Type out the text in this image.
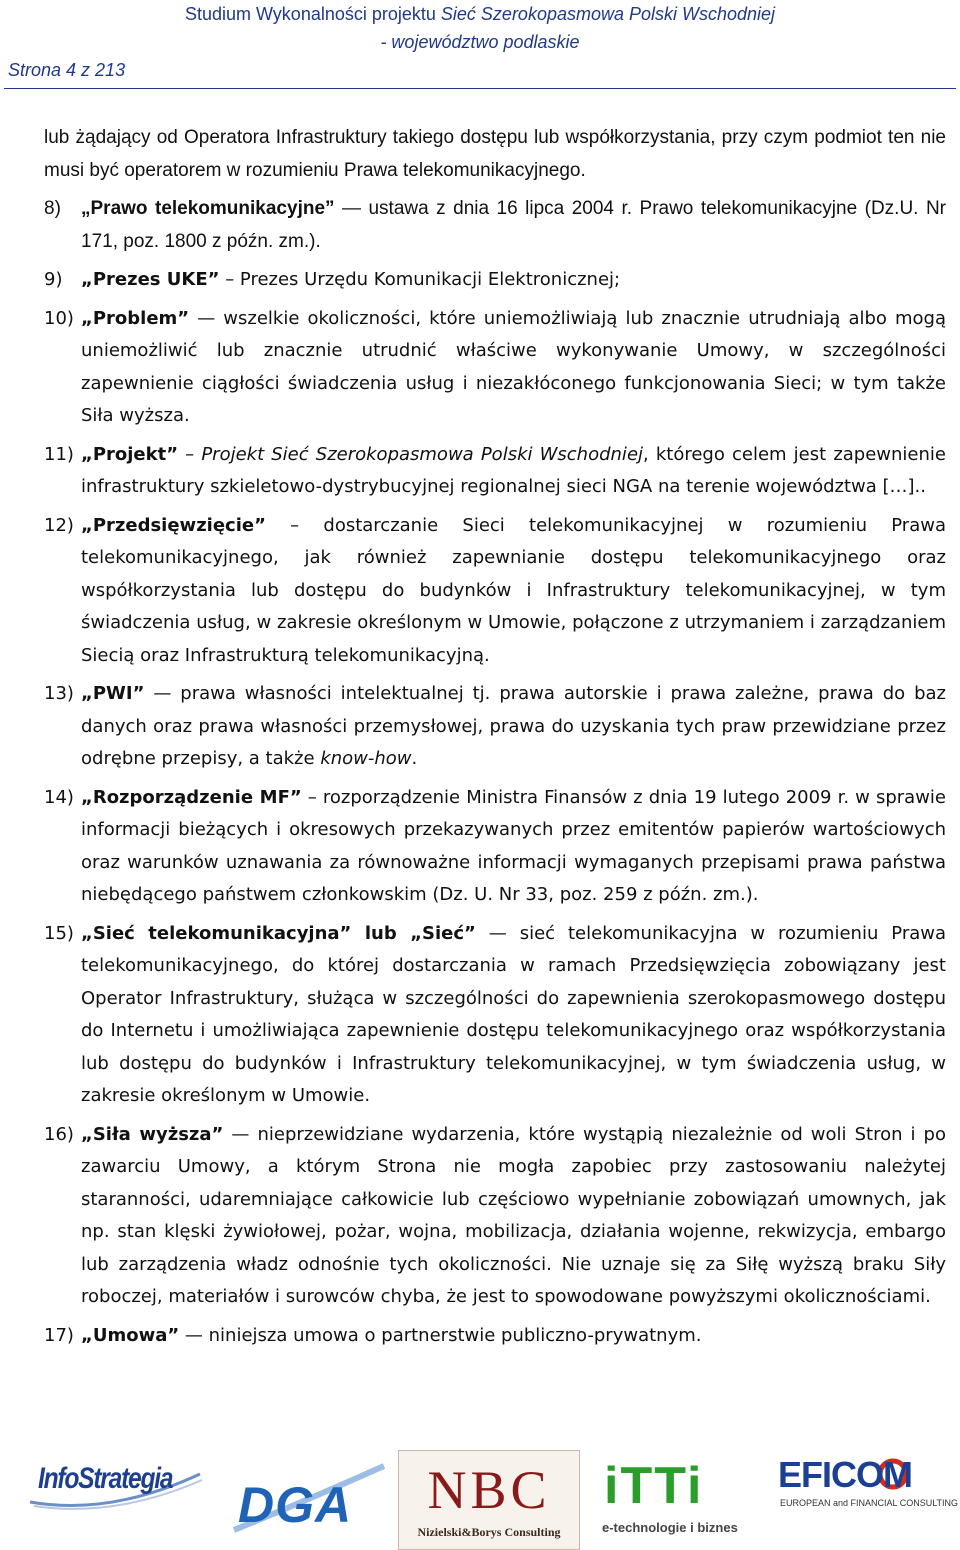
Studium Wykonalności projektu Sieć Szerokopasmowa Polski Wschodniej
- województwo podlaskie
Strona 4 z 213
lub żądający od Operatora Infrastruktury takiego dostępu lub współkorzystania, przy czym podmiot ten nie musi być operatorem w rozumieniu Prawa telekomunikacyjnego.
8) „Prawo telekomunikacyjne” — ustawa z dnia 16 lipca 2004 r. Prawo telekomunikacyjne (Dz.U. Nr 171, poz. 1800 z późn. zm.).
9) „Prezes UKE” – Prezes Urzędu Komunikacji Elektronicznej;
10) „Problem” — wszelkie okoliczności, które uniemożliwiają lub znacznie utrudniają albo mogą uniemożliwić lub znacznie utrudnić właściwe wykonywanie Umowy, w szczególności zapewnienie ciągłości świadczenia usług i niezakłóconego funkcjonowania Sieci; w tym także Siła wyższa.
11) „Projekt” – Projekt Sieć Szerokopasmowa Polski Wschodniej, którego celem jest zapewnienie infrastruktury szkieletowo-dystrybucyjnej regionalnej sieci NGA na terenie województwa […]..
12) „Przedsięwzięcie” – dostarczanie Sieci telekomunikacyjnej w rozumieniu Prawa telekomunikacyjnego, jak również zapewnianie dostępu telekomunikacyjnego oraz współkorzystania lub dostępu do budynków i Infrastruktury telekomunikacyjnej, w tym świadczenia usług, w zakresie określonym w Umowie, połączone z utrzymaniem i zarządzaniem Siecią oraz Infrastrukturą telekomunikacyjną.
13) „PWI” — prawa własności intelektualnej tj. prawa autorskie i prawa zależne, prawa do baz danych oraz prawa własności przemysłowej, prawa do uzyskania tych praw przewidziane przez odrębne przepisy, a także know-how.
14) „Rozporządzenie MF” – rozporządzenie Ministra Finansów z dnia 19 lutego 2009 r. w sprawie informacji bieżących i okresowych przekazywanych przez emitentów papierów wartościowych oraz warunków uznawania za równoważne informacji wymaganych przepisami prawa państwa niebędącego państwem członkowskim (Dz. U. Nr 33, poz. 259 z późn. zm.).
15) „Sieć telekomunikacyjna” lub „Sieć” — sieć telekomunikacyjna w rozumieniu Prawa telekomunikacyjnego, do której dostarczania w ramach Przedsięwzięcia zobowiązany jest Operator Infrastruktury, służąca w szczególności do zapewnienia szerokopasmowego dostępu do Internetu i umożliwiająca zapewnienie dostępu telekomunikacyjnego oraz współkorzystania lub dostępu do budynków i Infrastruktury telekomunikacyjnej, w tym świadczenia usług, w zakresie określonym w Umowie.
16) „Siła wyższa” — nieprzewidziane wydarzenia, które wystąpią niezależnie od woli Stron i po zawarciu Umowy, a którym Strona nie mogła zapobiec przy zastosowaniu należytej staranności, udaremniające całkowicie lub częściowo wypełnianie zobowiązań umownych, jak np. stan klęski żywiołowej, pożar, wojna, mobilizacja, działania wojenne, rekwizycja, embargo lub zarządzenia władz odnośnie tych okoliczności. Nie uznaje się za Siłę wyższą braku Siły roboczej, materiałów i surowców chyba, że jest to spowodowane powyższymi okolicznościami.
17) „Umowa” — niniejsza umowa o partnerstwie publiczno-prywatnym.
InfoStrategia DGA	NBC
Nizielski&Borys Consulting
iTTi
e-technologie i biznes
EFICOM
EUROPEAN and FINANCIAL CONSULTING
